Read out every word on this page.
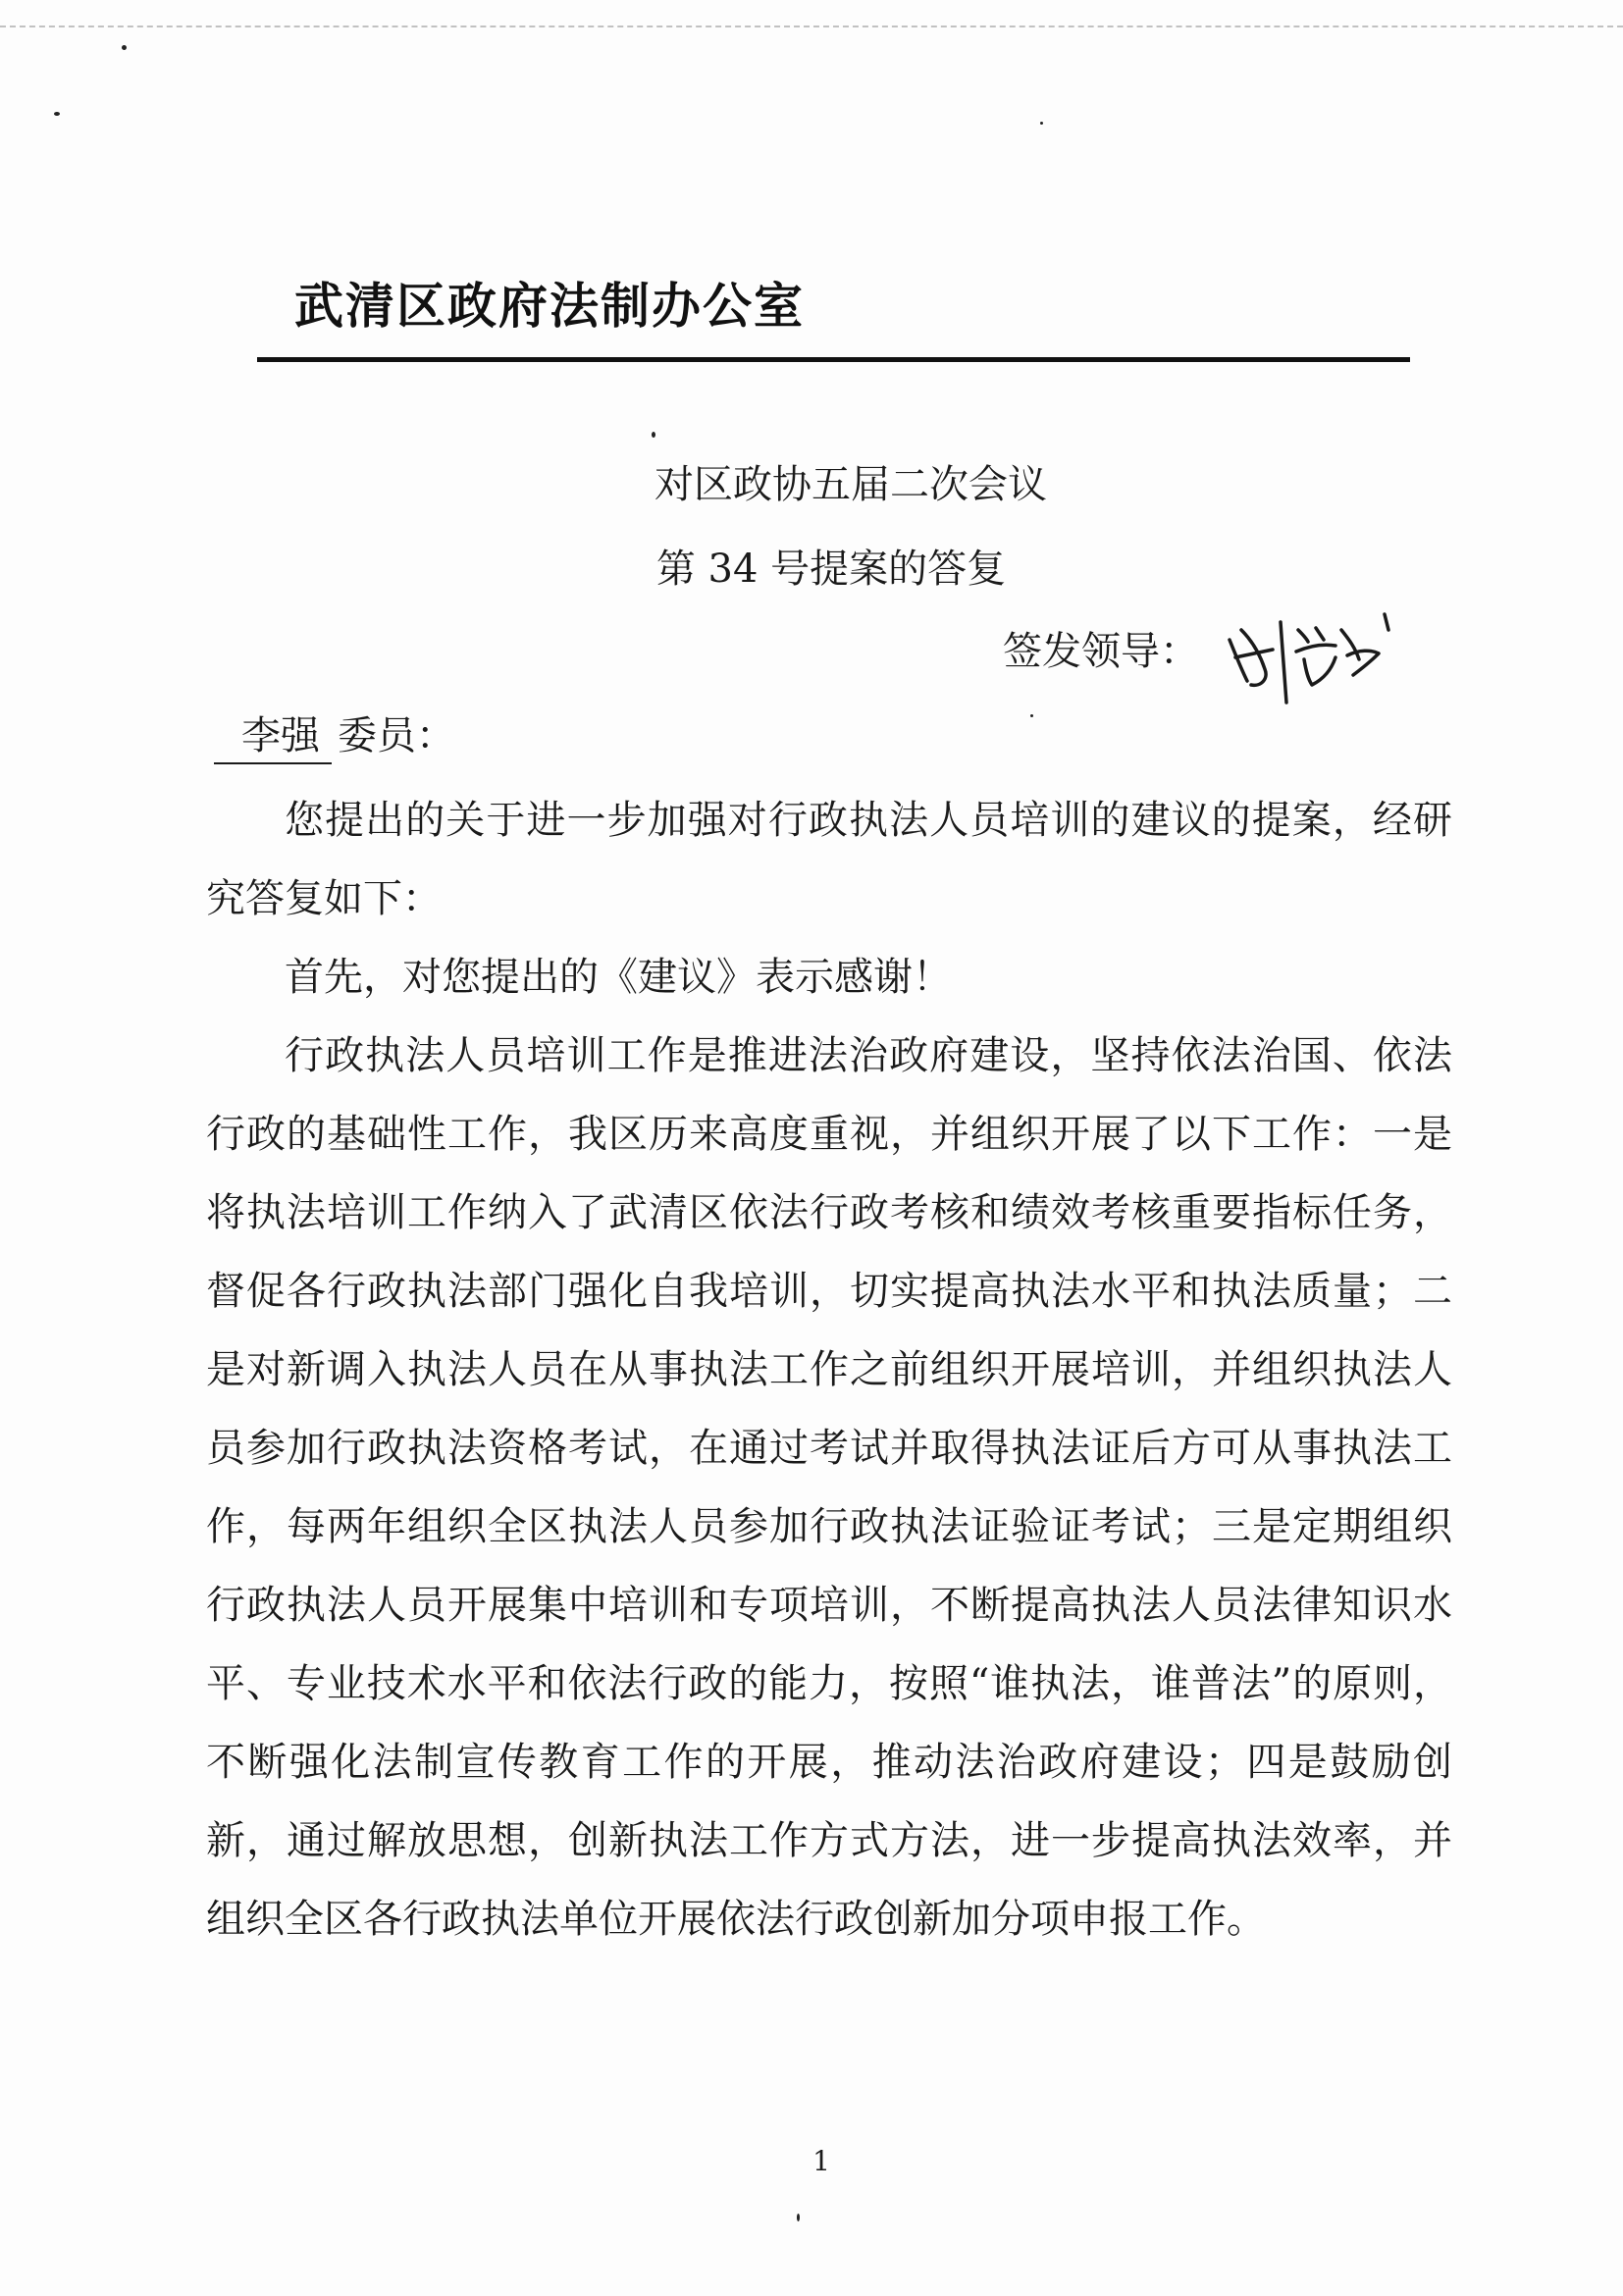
武清区政府法制办公室
对区政协五届二次会议
第 34 号提案的答复
签发领导：
李强 委员：

您提出的关于进一步加强对行政执法人员培训的建议的提案，经研究答复如下：

首先，对您提出的《建议》表示感谢！

行政执法人员培训工作是推进法治政府建设，坚持依法治国、依法行政的基础性工作，我区历来高度重视，并组织开展了以下工作：一是将执法培训工作纳入了武清区依法行政考核和绩效考核重要指标任务，督促各行政执法部门强化自我培训，切实提高执法水平和执法质量；二是对新调入执法人员在从事执法工作之前组织开展培训，并组织执法人员参加行政执法资格考试，在通过考试并取得执法证后方可从事执法工作，每两年组织全区执法人员参加行政执法证验证考试；三是定期组织行政执法人员开展集中培训和专项培训，不断提高执法人员法律知识水平、专业技术水平和依法行政的能力，按照“谁执法，谁普法”的原则，不断强化法制宣传教育工作的开展，推动法治政府建设；四是鼓励创新，通过解放思想，创新执法工作方式方法，进一步提高执法效率，并组织全区各行政执法单位开展依法行政创新加分项申报工作。

1
